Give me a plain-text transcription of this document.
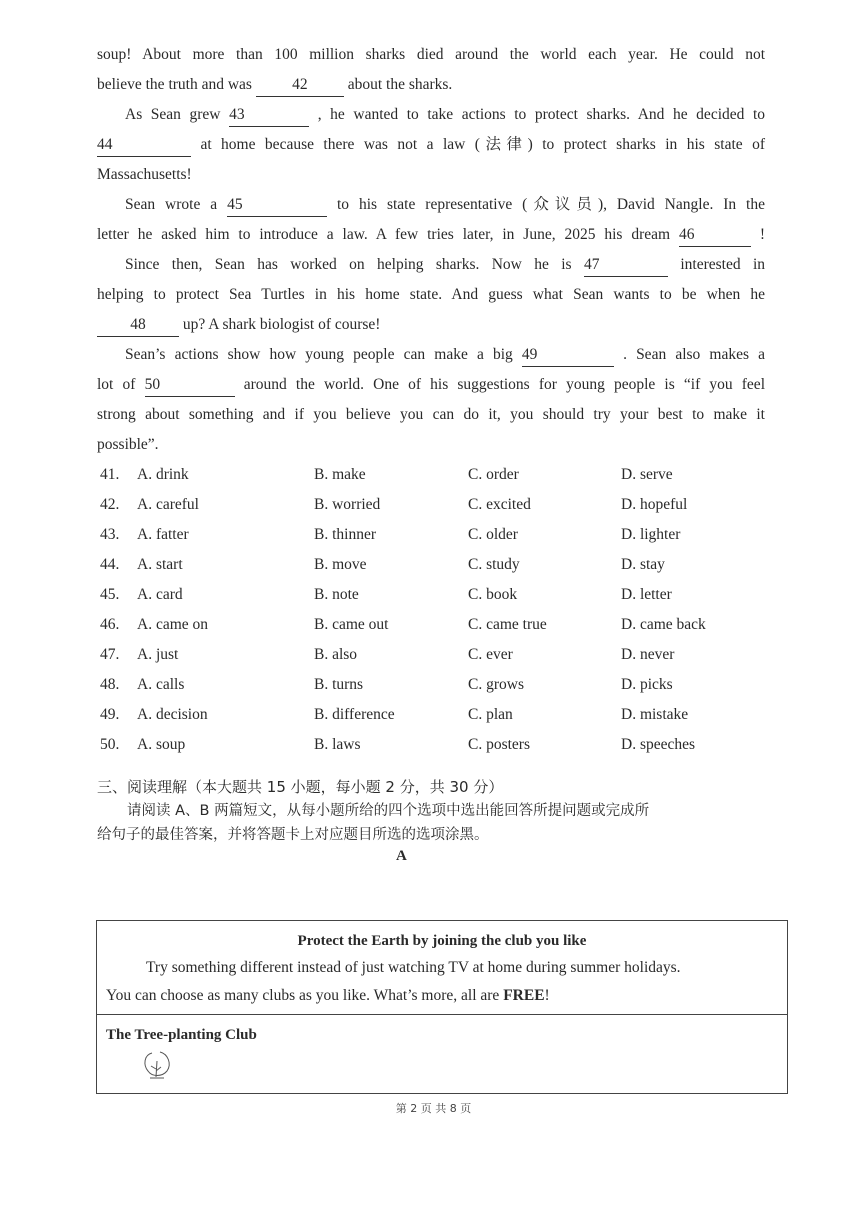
soup! About more than 100 million sharks died around the world each year. He could not
believe the truth and was	42	about the sharks.
As Sean grew 43	, he wanted to take actions to protect sharks. And he decided to
44	at home because there was not a law (法律) to protect sharks in his state of
Massachusetts!
Sean wrote a 45	to his state representative (众议员), David Nangle. In the
letter he asked him to introduce a law. A few tries later, in June, 2025 his dream 46	!
Since then, Sean has worked on helping sharks. Now he is 47	interested in
helping to protect Sea Turtles in his home state. And guess what Sean wants to be when he
48 up? A shark biologist of course!
Sean’s actions show how young people can make a big 49	. Sean also makes a
lot of 50	around the world. One of his suggestions for young people is “if you feel
strong about something and if you believe you can do it, you should try your best to make it
possible”.
41. A. drink	B. make	C. order	D. serve
42. A. careful	B. worried	C. excited	D. hopeful
43. A. fatter	B. thinner	C. older	D. lighter
44. A. start	B. move	C. study	D. stay
45. A. card	B. note	C. book	D. letter
46. A. came on	B. came out	C. came true	D. came back
47. A. just	B. also	C. ever	D. never
48. A. calls	B. turns	C. grows	D. picks
49. A. decision	B. difference	C. plan	D. mistake
50. A. soup	B. laws	C. posters	D. speeches
三、阅读理解（本大题共 15 小题，每小题 2 分，共 30 分）
请阅读 A、B 两篇短文，从每小题所给的四个选项中选出能回答所提问题或完成所
给句子的最佳答案，并将答题卡上对应题目所选的选项涂黑。
A
Protect the Earth by joining the club you like
Try something different instead of just watching TV at home during summer holidays.
You can choose as many clubs as you like. What’s more, all are FREE!
The Tree-planting Club
第 2 页 共 8 页
